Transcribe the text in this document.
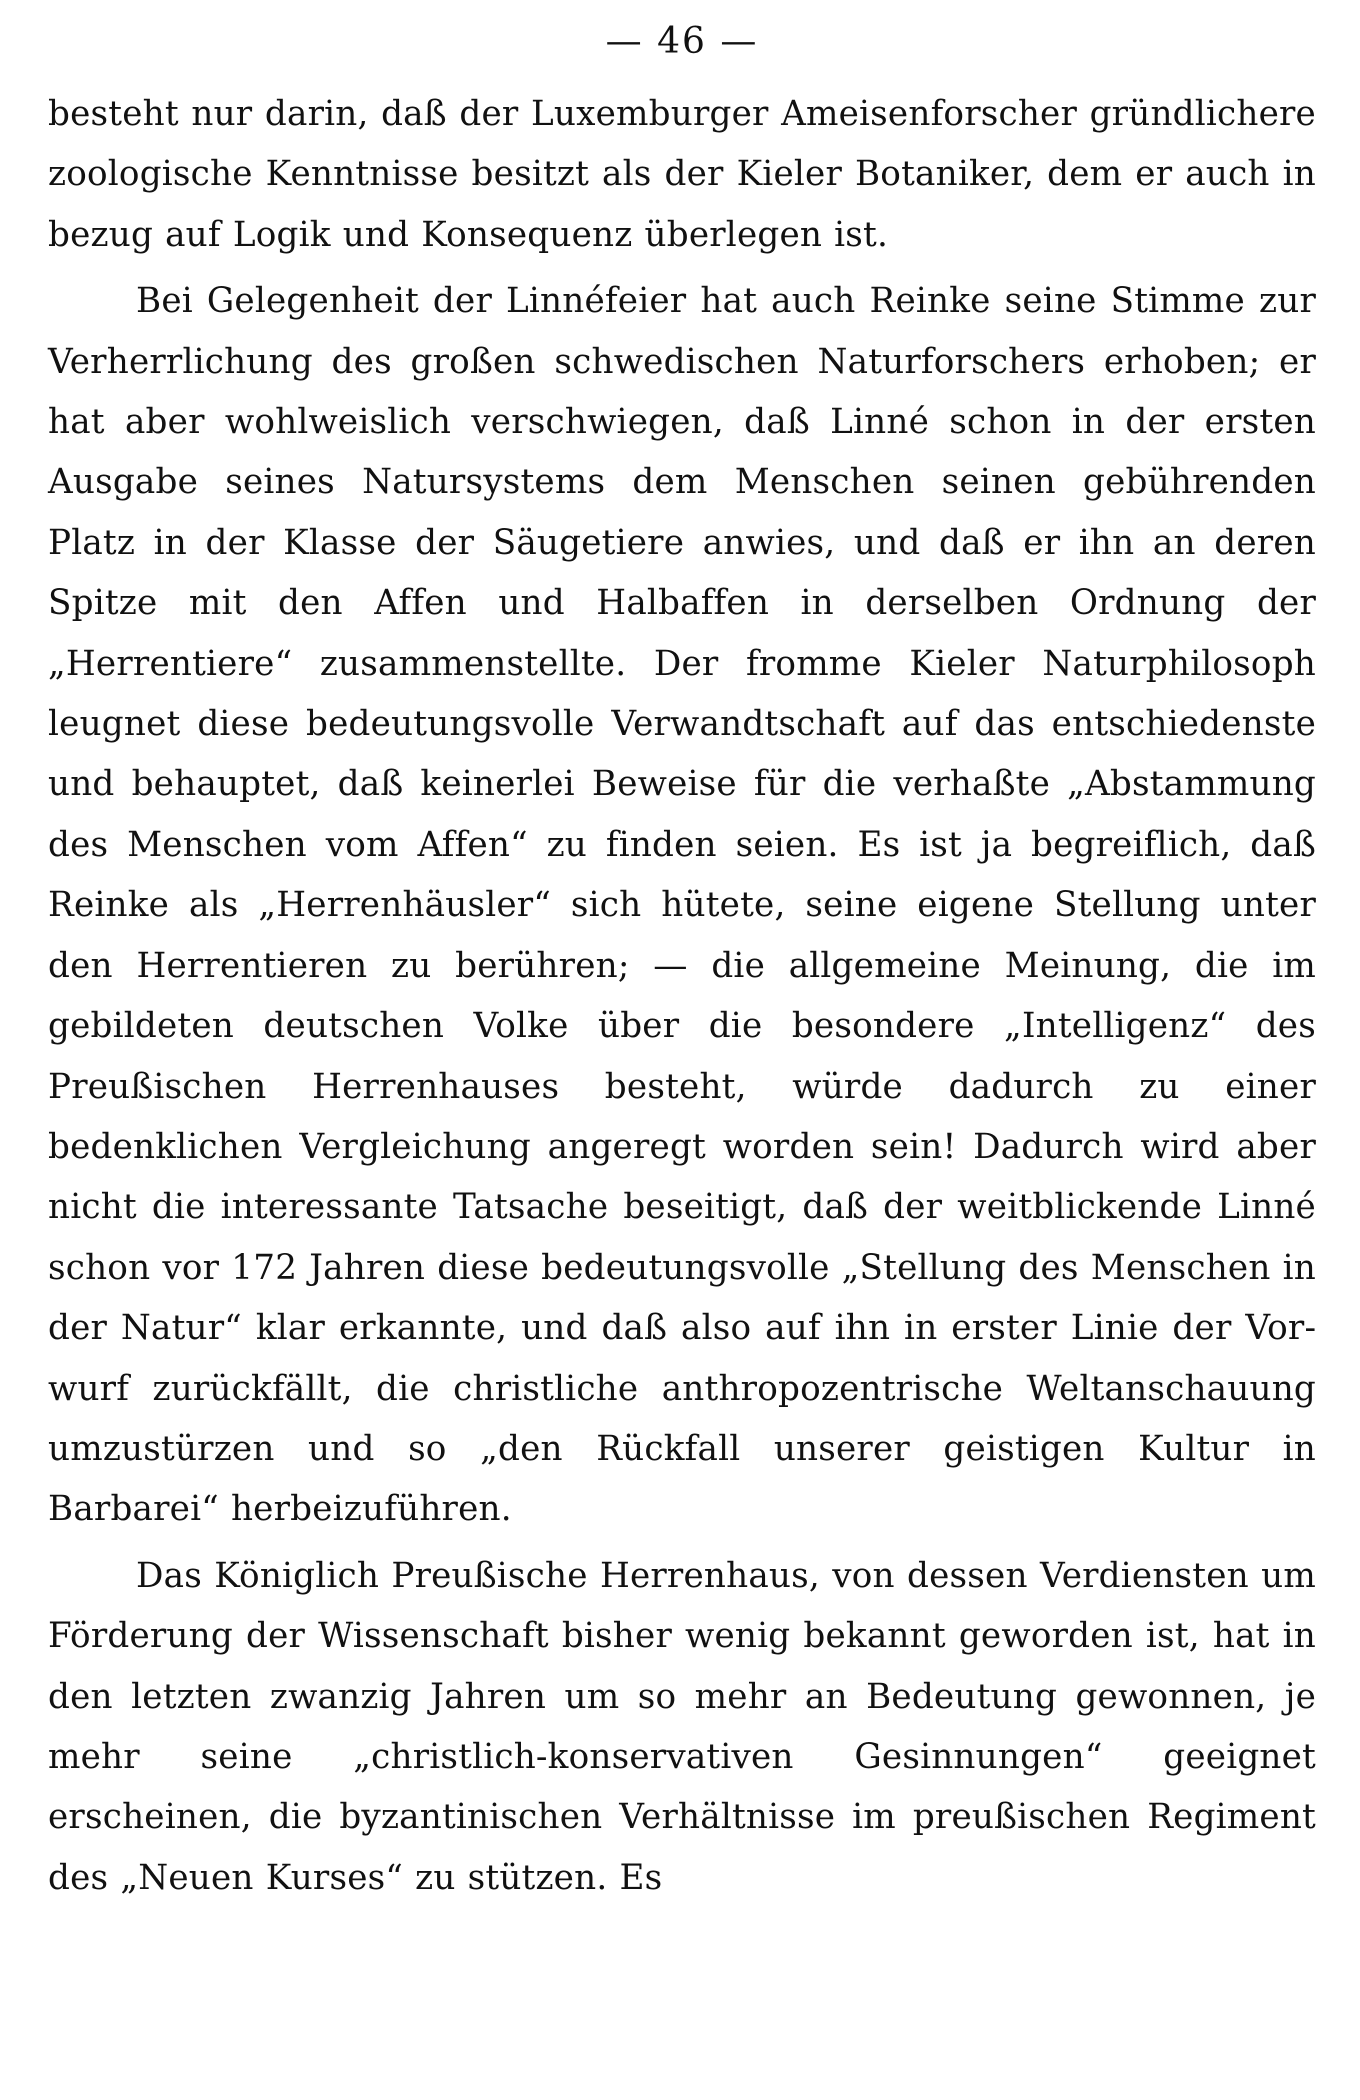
— 46 —

besteht nur darin, daß der Luxemburger Ameisenforscher gründlichere zoologische Kenntnisse besitzt als der Kieler Botaniker, dem er auch in bezug auf Logik und Konsequenz überlegen ist.

Bei Gelegenheit der Linnéfeier hat auch Reinke seine Stimme zur Verherrlichung des großen schwedischen Naturforschers erhoben; er hat aber wohlweislich verschwiegen, daß Linné schon in der ersten Ausgabe seines Natursystems dem Menschen seinen gebührenden Platz in der Klasse der Säugetiere anwies, und daß er ihn an deren Spitze mit den Affen und Halbaffen in derselben Ordnung der „Herrentiere“ zusammenstellte. Der fromme Kieler Naturphilosoph leugnet diese bedeutungsvolle Verwandtschaft auf das entschiedenste und behauptet, daß keinerlei Beweise für die verhaßte „Abstammung des Menschen vom Affen“ zu finden seien. Es ist ja begreiflich, daß Reinke als „Herrenhäusler“ sich hütete, seine eigene Stellung unter den Herrentieren zu berühren; — die allgemeine Meinung, die im gebildeten deutschen Volke über die besondere „Intelligenz“ des Preußischen Herrenhauses besteht, würde dadurch zu einer bedenklichen Vergleichung angeregt worden sein! Dadurch wird aber nicht die interessante Tatsache beseitigt, daß der weitblickende Linné schon vor 172 Jahren diese bedeutungsvolle „Stellung des Menschen in der Natur“ klar erkannte, und daß also auf ihn in erster Linie der Vorwurf zurückfällt, die christliche anthropozentrische Weltanschauung umzustürzen und so „den Rückfall unserer geistigen Kultur in Barbarei“ herbeizuführen.

Das Königlich Preußische Herrenhaus, von dessen Verdiensten um Förderung der Wissenschaft bisher wenig bekannt geworden ist, hat in den letzten zwanzig Jahren um so mehr an Bedeutung gewonnen, je mehr seine „christlich-konservativen Gesinnungen“ geeignet erscheinen, die byzantinischen Verhältnisse im preußischen Regiment des „Neuen Kurses“ zu stützen. Es
